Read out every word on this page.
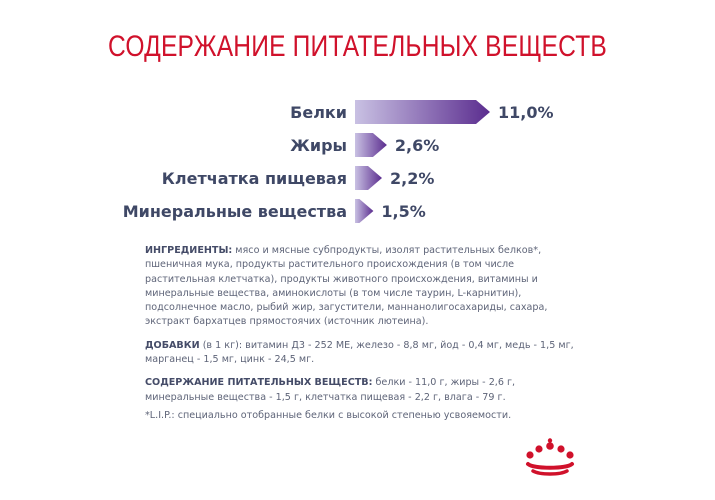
СОДЕРЖАНИЕ ПИТАТЕЛЬНЫХ ВЕЩЕСТВ
Белки	11,0%
Жиры	2,6%
Клетчатка пищевая	2,2%
Минеральные вещества 1,5%

ИНГРЕДИЕНТЫ: мясо и мясные субпродукты, изолят растительных белков*, пшеничная мука, продукты растительного происхождения (в том числе растительная клетчатка), продукты животного происхождения, витамины и минеральные вещества, аминокислоты (в том числе таурин, L-карнитин), подсолнечное масло, рыбий жир, загустители, маннанолигосахариды, сахара, экстракт бархатцев прямостоячих (источник лютеина).

ДОБАВКИ (в 1 кг): витамин Д3 - 252 МЕ, железо - 8,8 мг, йод - 0,4 мг, медь - 1,5 мг, марганец - 1,5 мг, цинк - 24,5 мг.

СОДЕРЖАНИЕ ПИТАТЕЛЬНЫХ ВЕЩЕСТВ: белки - 11,0 г, жиры - 2,6 г, минеральные вещества - 1,5 г, клетчатка пищевая - 2,2 г, влага - 79 г.

*L.I.P.: специально отобранные белки с высокой степенью усвояемости.
